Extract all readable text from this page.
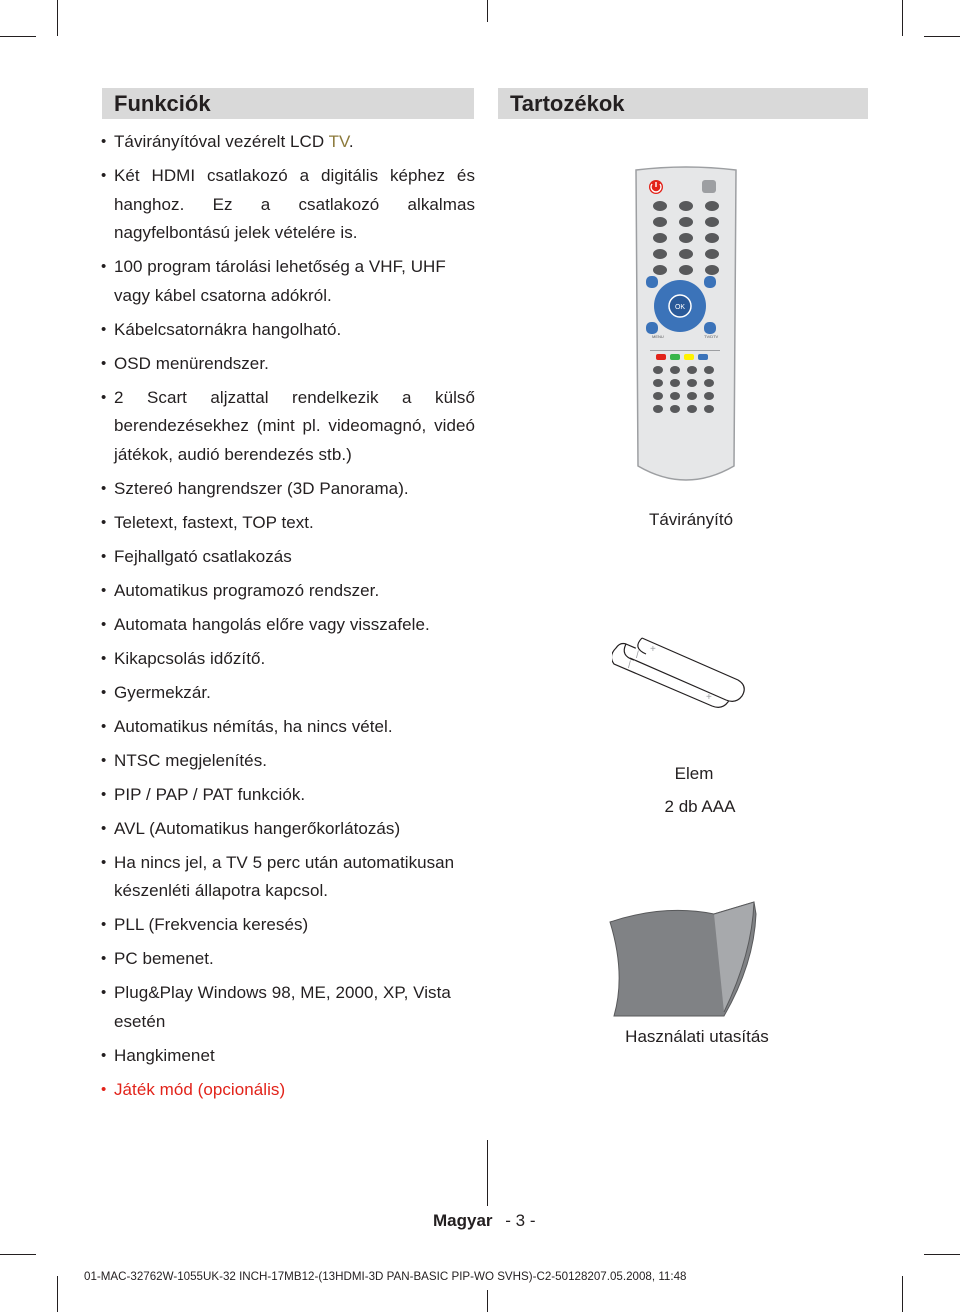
Funkciók	Tartozékok
• Távirányítóval vezérelt LCD TV.
• Két HDMI csatlakozó a digitális képhez és hanghoz. Ez a csatlakozó alkalmas nagyfelbontású jelek vételére is.
• 100 program tárolási lehetőség a VHF, UHF vagy kábel csatorna adókról.
• Kábelcsatornákra hangolható.
• OSD menürendszer.
• 2 Scart aljzattal rendelkezik a külső berendezésekhez (mint pl. videomagnó, videó játékok, audió berendezés stb.)
• Sztereó hangrendszer (3D Panorama).
• Teletext, fastext, TOP text.
• Fejhallgató csatlakozás
• Automatikus programozó rendszer.
• Automata hangolás előre vagy visszafele.
• Kikapcsolás időzítő.
• Gyermekzár.
• Automatikus némítás, ha nincs vétel.
• NTSC megjelenítés.
• PIP / PAP / PAT funkciók.
• AVL (Automatikus hangerőkorlátozás)
• Ha nincs jel, a TV 5 perc után automatikusan készenléti állapotra kapcsol.
• PLL (Frekvencia keresés)
• PC bemenet.
• Plug&Play Windows 98, ME, 2000, XP, Vista esetén
• Hangkimenet
• Játék mód (opcionális)
OK
MENU	TV/DTV
Távirányító
+
+
/
/
Elem
2 db AAA
Használati utasítás
Magyar - 3 -
01-MAC-32762W-1055UK-32 INCH-17MB12-(13HDMI-3D PAN-BASIC PIP-WO SVHS)-C2-50128207.05.2008, 11:48
